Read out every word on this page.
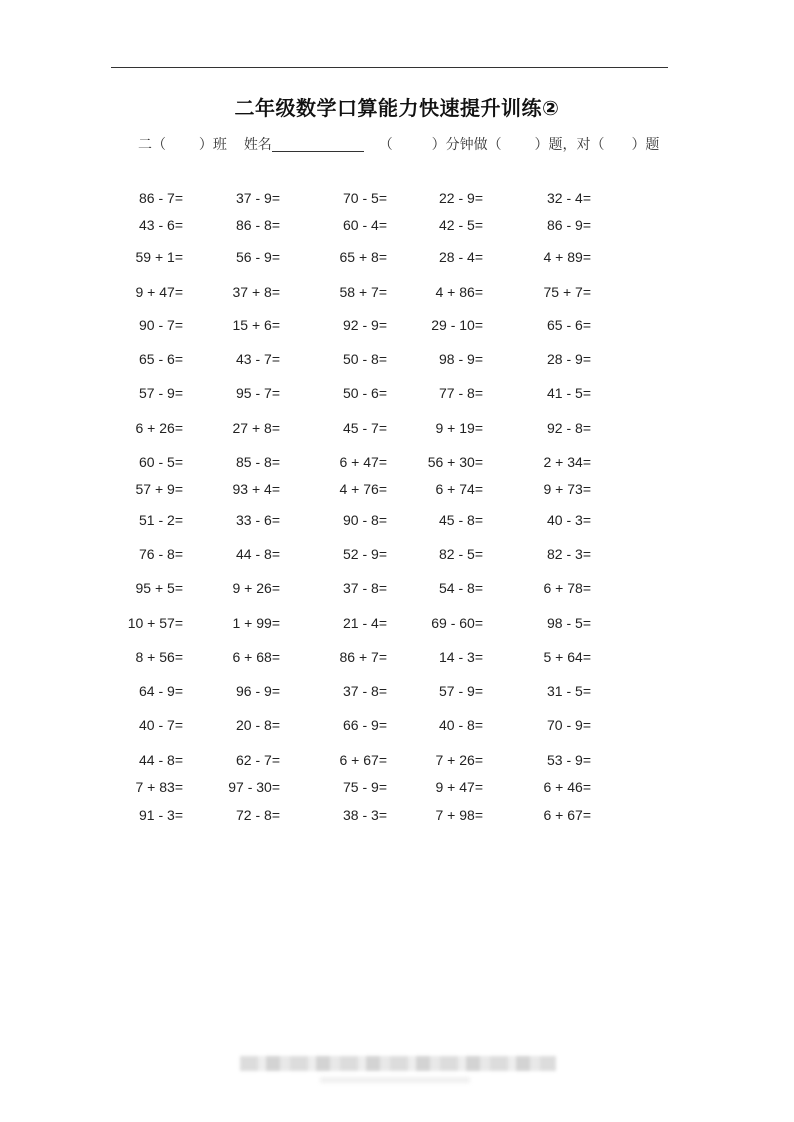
二年级数学口算能力快速提升训练②
二（ ）班 姓名	（	）分钟做（ ）题，对（ ）题
86 - 7=	37 - 9=	70 - 5=	22 - 9=	32 - 4=
43 - 6=	86 - 8=	60 - 4=	42 - 5=	86 - 9=
59 + 1=	56 - 9=	65 + 8=	28 - 4=	4 + 89=
9 + 47=	37 + 8=	58 + 7=	4 + 86=	75 + 7=
90 - 7=	15 + 6=	92 - 9=	29 - 10=	65 - 6=
65 - 6=	43 - 7=	50 - 8=	98 - 9=	28 - 9=
57 - 9=	95 - 7=	50 - 6=	77 - 8=	41 - 5=
6 + 26=	27 + 8=	45 - 7=	9 + 19=	92 - 8=
60 - 5=	85 - 8=	6 + 47=	56 + 30=	2 + 34=
57 + 9=	93 + 4=	4 + 76=	6 + 74=	9 + 73=
51 - 2=	33 - 6=	90 - 8=	45 - 8=	40 - 3=
76 - 8=	44 - 8=	52 - 9=	82 - 5=	82 - 3=
95 + 5=	9 + 26=	37 - 8=	54 - 8=	6 + 78=
10 + 57=	1 + 99=	21 - 4=	69 - 60=	98 - 5=
8 + 56=	6 + 68=	86 + 7=	14 - 3=	5 + 64=
64 - 9=	96 - 9=	37 - 8=	57 - 9=	31 - 5=
40 - 7=	20 - 8=	66 - 9=	40 - 8=	70 - 9=
44 - 8=	62 - 7=	6 + 67=	7 + 26=	53 - 9=
7 + 83=	97 - 30=	75 - 9=	9 + 47=	6 + 46=
91 - 3=	72 - 8=	38 - 3=	7 + 98=	6 + 67=
